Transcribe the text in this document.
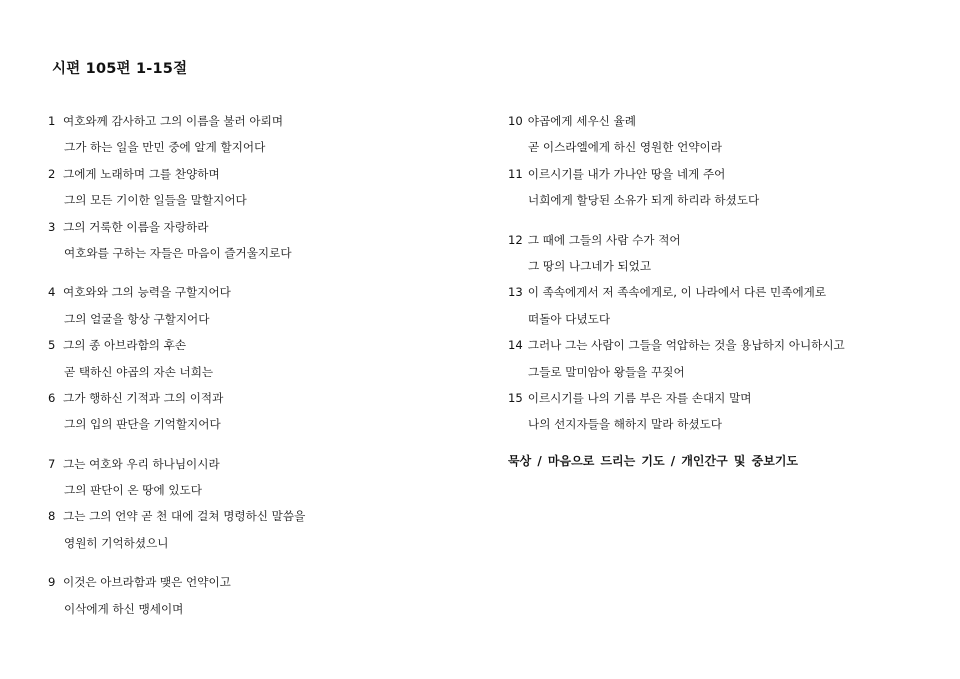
시편 105편 1-15절
1 여호와께 감사하고 그의 이름을 불러 아뢰며
그가 하는 일을 만민 중에 알게 할지어다
2 그에게 노래하며 그를 찬양하며
그의 모든 기이한 일들을 말할지어다
3 그의 거룩한 이름을 자랑하라
여호와를 구하는 자들은 마음이 즐거울지로다
4 여호와와 그의 능력을 구할지어다
그의 얼굴을 항상 구할지어다
5 그의 종 아브라함의 후손
곧 택하신 야곱의 자손 너희는
6 그가 행하신 기적과 그의 이적과
그의 입의 판단을 기억할지어다
7 그는 여호와 우리 하나님이시라
그의 판단이 온 땅에 있도다
8 그는 그의 언약 곧 천 대에 걸쳐 명령하신 말씀을
영원히 기억하셨으니
9 이것은 아브라함과 맺은 언약이고
이삭에게 하신 맹세이며
10 야곱에게 세우신 율례
곧 이스라엘에게 하신 영원한 언약이라
11 이르시기를 내가 가나안 땅을 네게 주어
너희에게 할당된 소유가 되게 하리라 하셨도다
12 그 때에 그들의 사람 수가 적어
그 땅의 나그네가 되었고
13 이 족속에게서 저 족속에게로, 이 나라에서 다른 민족에게로
떠돌아 다녔도다
14 그러나 그는 사람이 그들을 억압하는 것을 용납하지 아니하시고
그들로 말미암아 왕들을 꾸짖어
15 이르시기를 나의 기름 부은 자를 손대지 말며
나의 선지자들을 해하지 말라 하셨도다
묵상 / 마음으로 드리는 기도 / 개인간구 및 중보기도
